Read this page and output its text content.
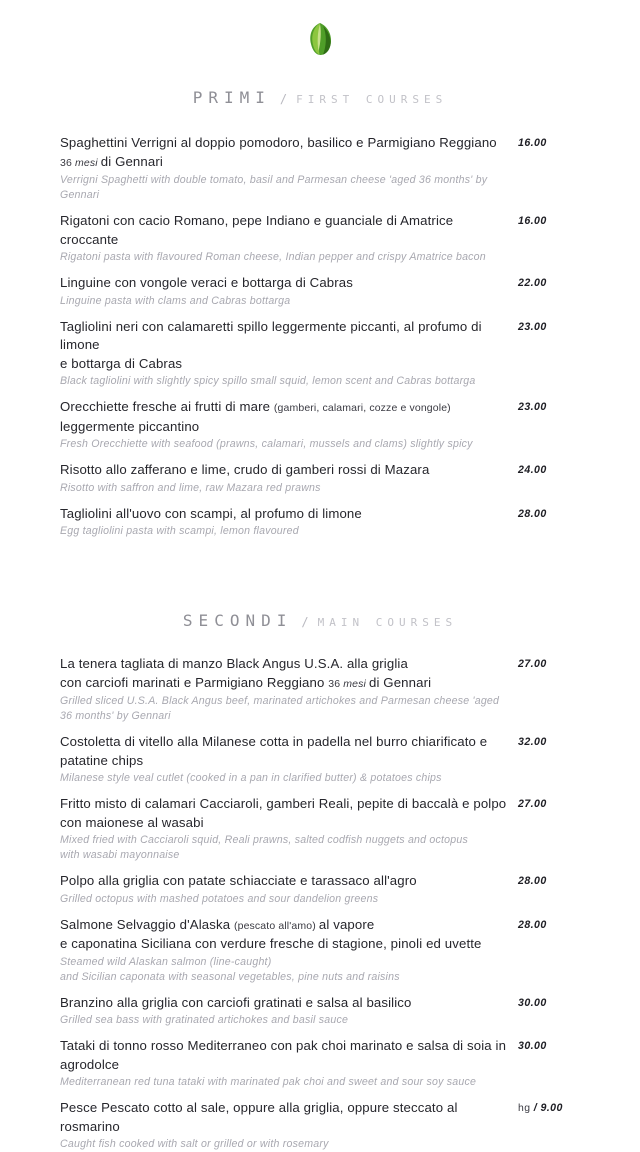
PRIMI / FIRST COURSES
Spaghettini Verrigni al doppio pomodoro, basilico e Parmigiano Reggiano 36 mesi di Gennari
Verrigni Spaghetti with double tomato, basil and Parmesan cheese 'aged 36 months' by Gennari
16.00
Rigatoni con cacio Romano, pepe Indiano e guanciale di Amatrice croccante
Rigatoni pasta with flavoured Roman cheese, Indian pepper and crispy Amatrice bacon
16.00
Linguine con vongole veraci e bottarga di Cabras
Linguine pasta with clams and Cabras bottarga
22.00
Tagliolini neri con calamaretti spillo leggermente piccanti, al profumo di limone
e bottarga di Cabras
Black tagliolini with slightly spicy spillo small squid, lemon scent and Cabras bottarga
23.00
Orecchiette fresche ai frutti di mare (gamberi, calamari, cozze e vongole) leggermente piccantino
Fresh Orecchiette with seafood (prawns, calamari, mussels and clams) slightly spicy
23.00
Risotto allo zafferano e lime, crudo di gamberi rossi di Mazara
Risotto with saffron and lime, raw Mazara red prawns
24.00
Tagliolini all'uovo con scampi, al profumo di limone
Egg tagliolini pasta with scampi, lemon flavoured
28.00
SECONDI / MAIN COURSES
La tenera tagliata di manzo Black Angus U.S.A. alla griglia
con carciofi marinati e Parmigiano Reggiano 36 mesi di Gennari
Grilled sliced U.S.A. Black Angus beef, marinated artichokes and Parmesan cheese 'aged 36 months' by Gennari
27.00
Costoletta di vitello alla Milanese cotta in padella nel burro chiarificato e patatine chips
Milanese style veal cutlet (cooked in a pan in clarified butter) & potatoes chips
32.00
Fritto misto di calamari Cacciaroli, gamberi Reali, pepite di baccalà e polpo
con maionese al wasabi
Mixed fried with Cacciaroli squid, Reali prawns, salted codfish nuggets and octopus
with wasabi mayonnaise
27.00
Polpo alla griglia con patate schiacciate e tarassaco all'agro
Grilled octopus with mashed potatoes and sour dandelion greens
28.00
Salmone Selvaggio d'Alaska (pescato all'amo) al vapore
e caponatina Siciliana con verdure fresche di stagione, pinoli ed uvette
Steamed wild Alaskan salmon (line-caught)
and Sicilian caponata with seasonal vegetables, pine nuts and raisins
28.00
Branzino alla griglia con carciofi gratinati e salsa al basilico
Grilled sea bass with gratinated artichokes and basil sauce
30.00
Tataki di tonno rosso Mediterraneo con pak choi marinato e salsa di soia in agrodolce
Mediterranean red tuna tataki with marinated pak choi and sweet and sour soy sauce
30.00
Pesce Pescato cotto al sale, oppure alla griglia, oppure steccato al rosmarino
Caught fish cooked with salt or grilled or with rosemary
hg / 9.00
